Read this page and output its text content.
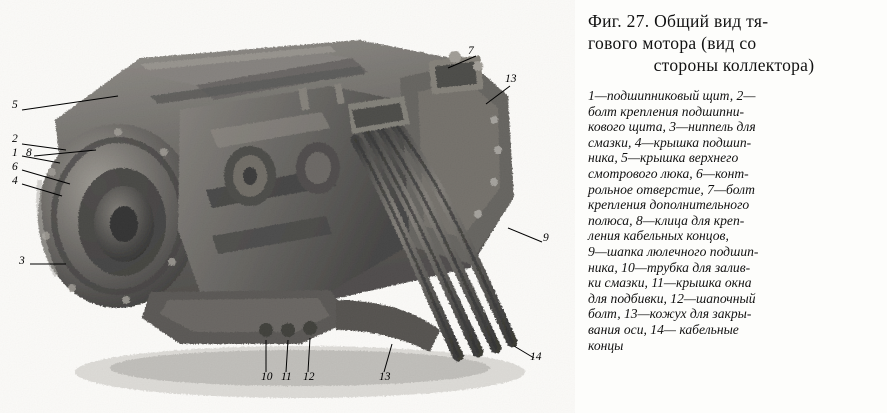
5
2
1 8
6
4
3
7
13
9
14
10 11 12	13
Фиг. 27. Общий вид тя-
гового мотора (вид со
стороны коллектора)
1—подшипниковый щит, 2—
болт крепления подшипни-
кового щита, 3—ниппель для
смазки, 4—крышка подшип-
ника, 5—крышка верхнего
смотрового люка, 6—конт-
рольное отверстие, 7—болт
крепления дополнительного
полюса, 8—клица для креп-
ления кабельных концов,
9—шапка люлечного подшип-
ника, 10—трубка для залив-
ки смазки, 11—крышка окна
для подбивки, 12—шапочный
болт, 13—кожух для закры-
вания оси, 14— кабельные
концы
